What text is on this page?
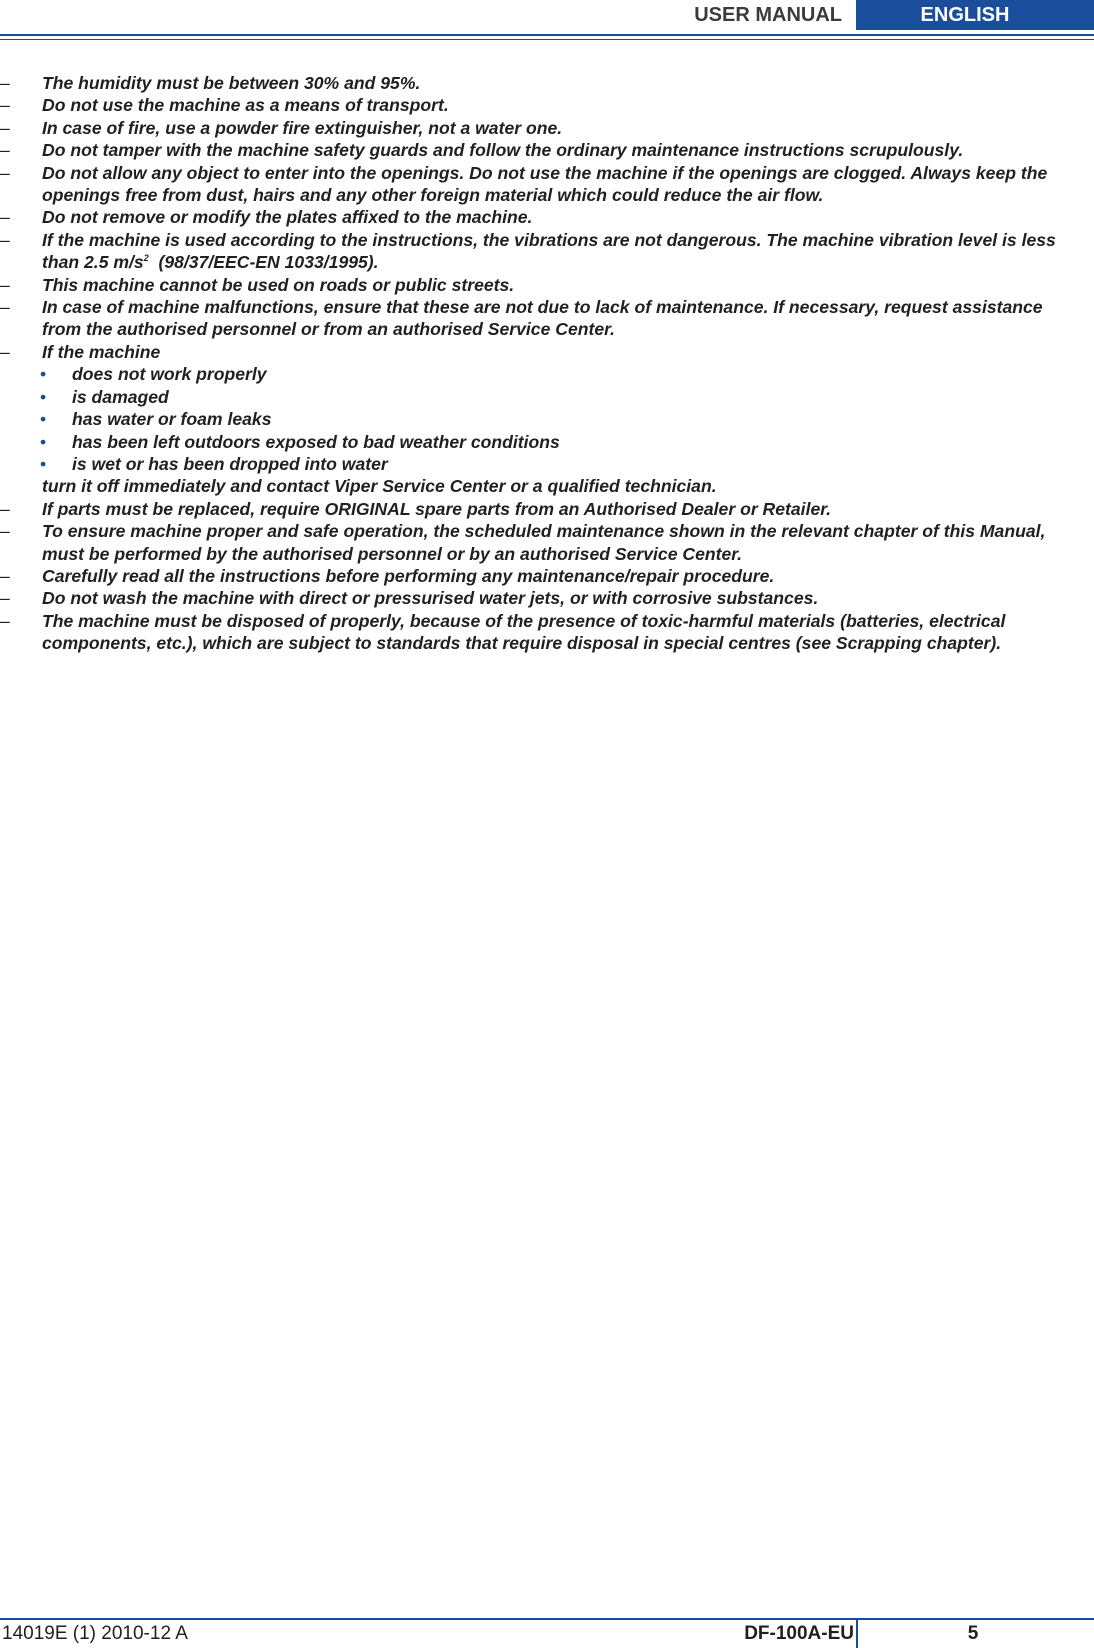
USER MANUAL	ENGLISH
– The humidity must be between 30% and 95%.
– Do not use the machine as a means of transport.
– In case of fire, use a powder fire extinguisher, not a water one.
– Do not tamper with the machine safety guards and follow the ordinary maintenance instructions scrupulously.
– Do not allow any object to enter into the openings. Do not use the machine if the openings are clogged. Always keep the openings free from dust, hairs and any other foreign material which could reduce the air flow.
– Do not remove or modify the plates affixed to the machine.
– If the machine is used according to the instructions, the vibrations are not dangerous. The machine vibration level is less than 2.5 $m/s^2$  (98/37/EEC-EN 1033/1995).
– This machine cannot be used on roads or public streets.
– In case of machine malfunctions, ensure that these are not due to lack of maintenance. If necessary, request assistance from the authorised personnel or from an authorised Service Center.
– If the machine
• does not work properly
• is damaged
• has water or foam leaks
• has been left outdoors exposed to bad weather conditions
• is wet or has been dropped into water
turn it off immediately and contact Viper Service Center or a qualified technician.
– If parts must be replaced, require ORIGINAL spare parts from an Authorised Dealer or Retailer.
– To ensure machine proper and safe operation, the scheduled maintenance shown in the relevant chapter of this Manual, must be performed by the authorised personnel or by an authorised Service Center.
– Carefully read all the instructions before performing any maintenance/repair procedure.
– Do not wash the machine with direct or pressurised water jets, or with corrosive substances.
– The machine must be disposed of properly, because of the presence of toxic-harmful materials (batteries, electrical components, etc.), which are subject to standards that require disposal in special centres (see Scrapping chapter).
14019E (1) 2010-12 A	DF-100A-EU	5
